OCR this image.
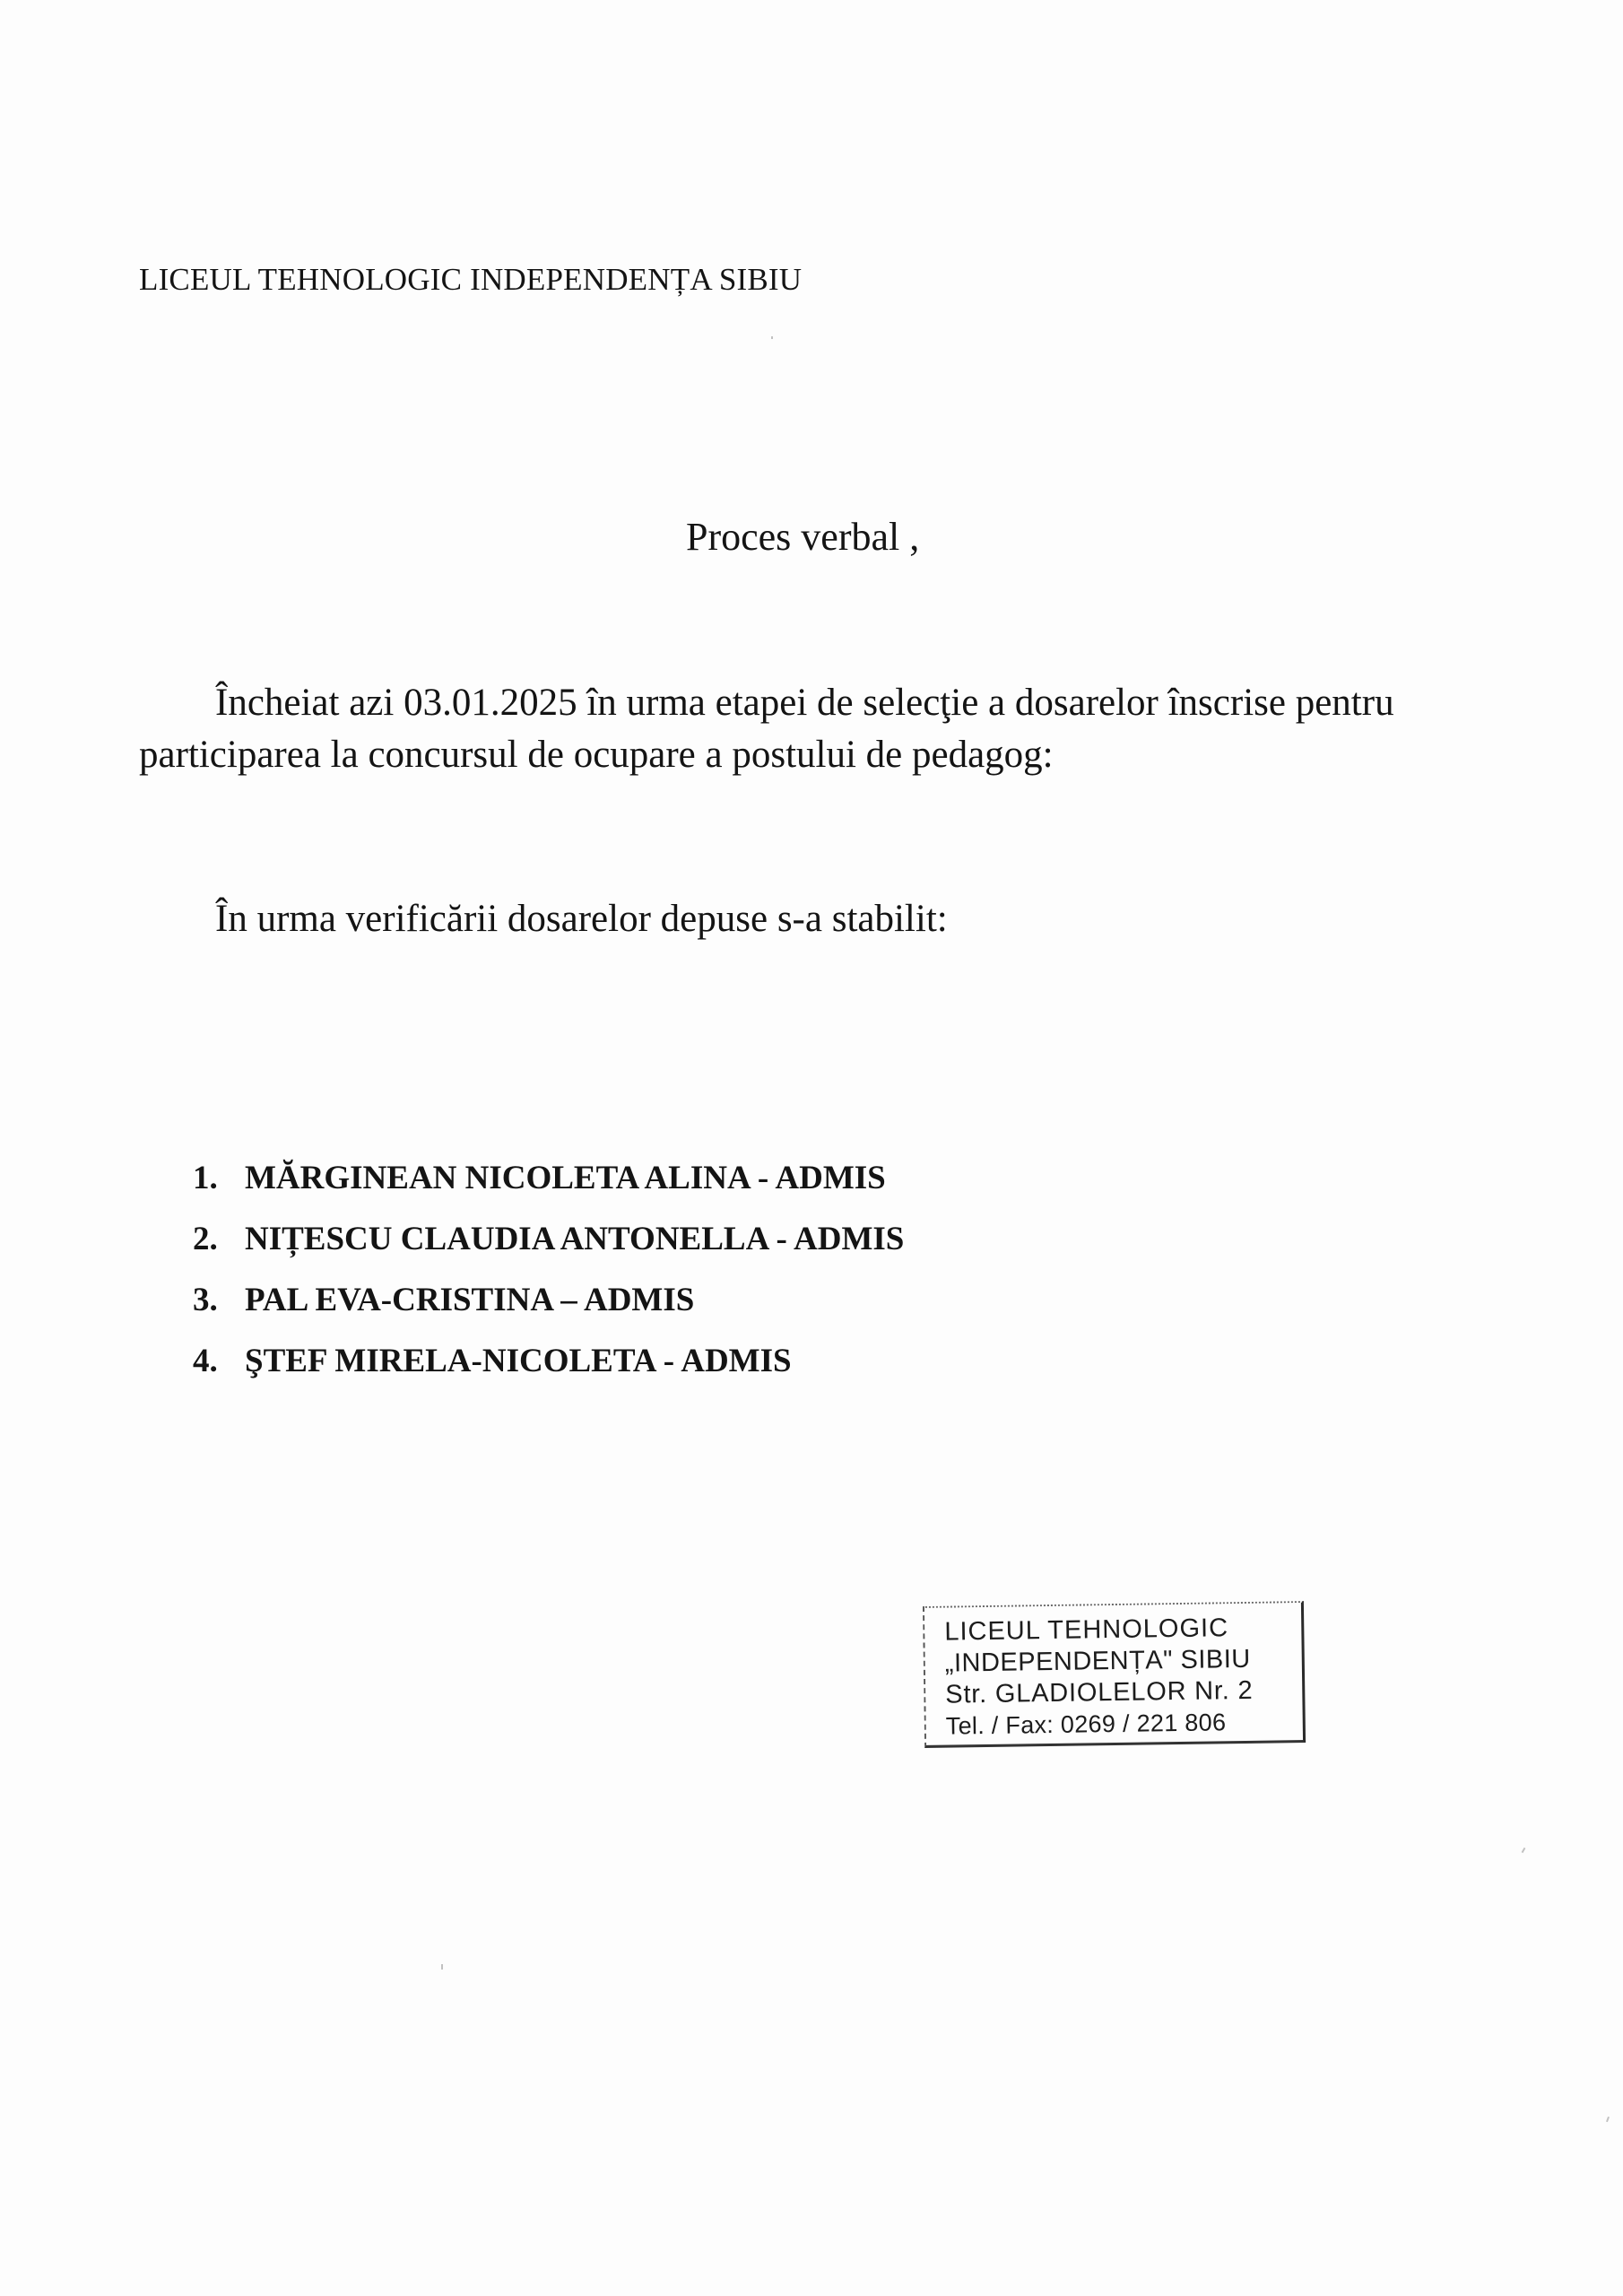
LICEUL TEHNOLOGIC INDEPENDENȚA SIBIU
Proces verbal ,
Încheiat azi 03.01.2025 în urma etapei de selecţie a dosarelor înscrise pentru
participarea la concursul de ocupare a postului de pedagog:
În urma verificării dosarelor depuse s-a stabilit:
1. MĂRGINEAN NICOLETA ALINA - ADMIS
2. NIȚESCU CLAUDIA ANTONELLA - ADMIS
3. PAL EVA-CRISTINA – ADMIS
4. ŞTEF MIRELA-NICOLETA - ADMIS
LICEUL TEHNOLOGIC
„INDEPENDENȚA" SIBIU
Str. GLADIOLELOR Nr. 2
Tel. / Fax: 0269 / 221 806
